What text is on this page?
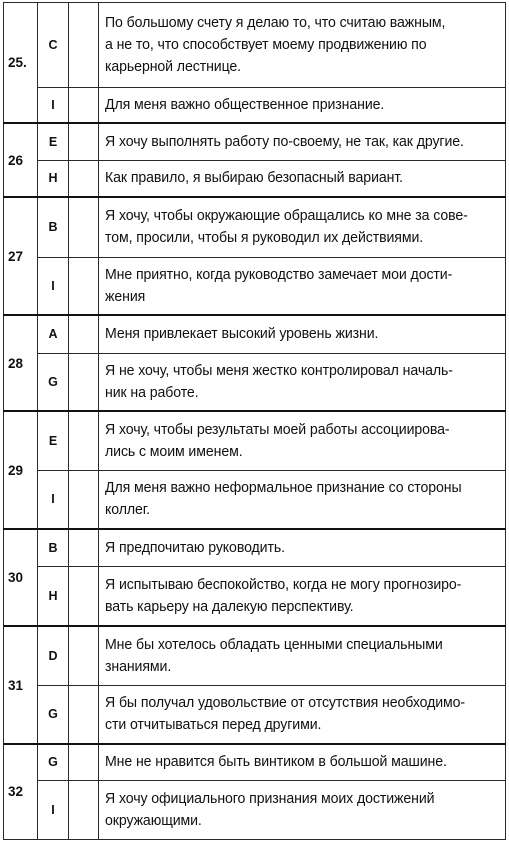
25.	C		По большому счету я делаю то, что считаю важным,
а не то, что способствует моему продвижению по
карьерной лестнице.
	I		Для меня важно общественное признание.
26	E		Я хочу выполнять работу по-своему, не так, как другие.
	H		Как правило, я выбираю безопасный вариант.
27	B		Я хочу, чтобы окружающие обращались ко мне за сове-
том, просили, чтобы я руководил их действиями.
	I		Мне приятно, когда руководство замечает мои дости-
жения
28	A		Меня привлекает высокий уровень жизни.
	G		Я не хочу, чтобы меня жестко контролировал началь-
ник на работе.
29	E		Я хочу, чтобы результаты моей работы ассоциирова-
лись с моим именем.
	I		Для меня важно неформальное признание со стороны
коллег.
30	B		Я предпочитаю руководить.
	H		Я испытываю беспокойство, когда не могу прогнозиро-
вать карьеру на далекую перспективу.
31	D		Мне бы хотелось обладать ценными специальными
знаниями.
	G		Я бы получал удовольствие от отсутствия необходимо-
сти отчитываться перед другими.
32	G		Мне не нравится быть винтиком в большой машине.
	I		Я хочу официального признания моих достижений
окружающими.
